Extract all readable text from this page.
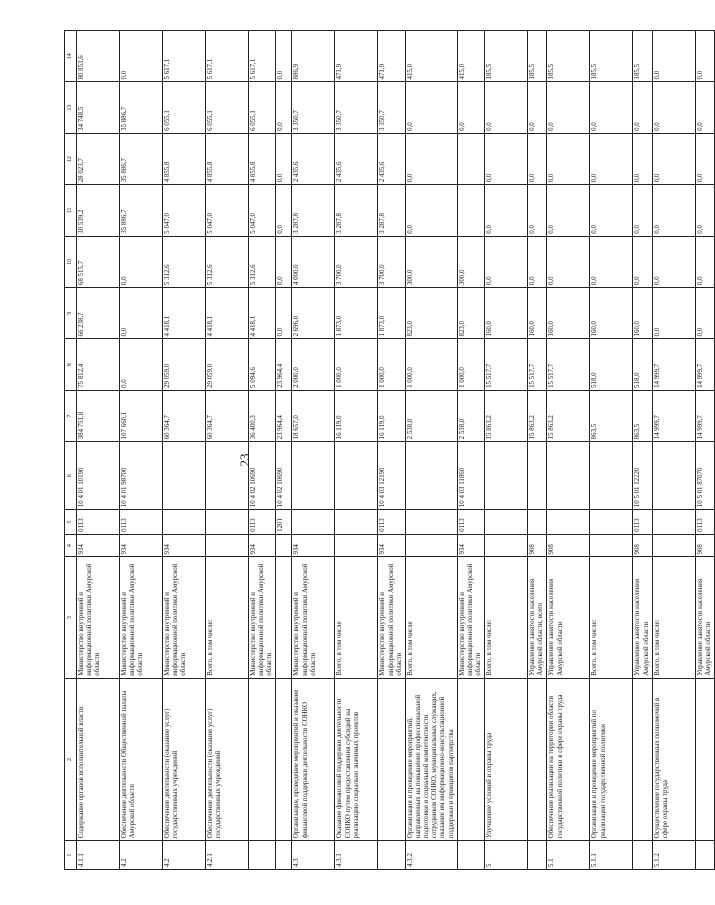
23
1	2	3	4	5	6	7	8	9	10	11	12	13	14
4.1.1	Содержание органов исполнительной власти	Министерство внутренней и информационной политики Амурской области	934	0113	10 4 01 10190	384 751,8	75 812,4	66 238,7	68 515,7	30 539,2	28 023,7	34 748,5	80 853,6
4.2	Обеспечение деятельности Общественной палаты Амурской области	Министерство внутренней и информационной политики Амурской области	934	0113	10 4 01 98700	107 660,1	0,0	0,0	0,0	35 886,7	35 886,7	35 886,7	0,0
4.2	Обеспечение деятельности (оказание услуг) государственных учреждений	Министерство внутренней и информационной политики Амурской области	934			60 364,7	29 059,0	4 418,1	5 312,6	5 047,0	4 855,8	6 055,1	5 617,1
4.2.1	Обеспечение деятельности (оказание услуг) государственных учреждений	Всего, в том числе:				60 364,7	29 059,0	4 418,1	5 312,6	5 047,0	4 855,8	6 055,1	5 617,1
		Министерство внутренней и информационной политики Амурской области	934	0113	10 4 02 10690	36 400,3	5 094,6	4 418,1	5 312,6	5 047,0	4 855,8	6 055,1	5 617,1
				1201	10 4 02 10690	23 964,4	23 964,4	0,0	0,0	0,0	0,0	0,0	0,0
4.3	Организация, проведение мероприятий и оказание финансовой поддержки деятельности СОНКО	Министерство внутренней и информационной политики Амурской области	934			18 657,0	2 000,0	2 696,0	4 000,0	3 287,8	2 435,6	3 350,7	886,9
4.3.1	Оказание финансовой поддержки деятельности СОНКО путем предоставления субсидий на реализацию социально значимых проектов	Всего, в том числе				16 119,0	1 000,0	1 873,0	3 700,0	3 287,8	2 435,6	3 350,7	471,9
		Министерство внутренней и информационной политики Амурской области	934	0113	10 4 03 12190	16 119,0	1 000,0	1 873,0	3 700,0	3 287,8	2 435,6	3 350,7	471,9
4.3.2	Организация и проведение мероприятий, направленных на повышение профессиональной подготовки и социальной компетентности сотрудников СОНКО, муниципальных служащих, оказание им информационно-консультационной поддержки и принципов партнерства	Всего, в том числе				2 538,0	1 000,0	823,0	300,0	0,0	0,0	0,0	415,0
		Министерство внутренней и информационной политики Амурской области	934	0113	10 4 03 11860	2 538,0	1 000,0	823,0	300,0			0,0	415,0
5	Улучшение условий и охраны труда	Всего, в том числе:				15 863,2	15 517,7	160,0	0,0	0,0	0,0	0,0	185,5
		Управление занятости населения Амурской области, всего	908			15 863,2	15 517,7	160,0	0,0	0,0	0,0	0,0	185,5
5.1	Обеспечение реализации на территории области государственной политики в сфере охраны труда	Управление занятости населения Амурской области	908			15 863,2	15 517,7	160,0	0,0	0,0	0,0	0,0	185,5
5.1.1	Организация и проведение мероприятий по реализации государственной политики	Всего, в том числе:				863,5	518,0	160,0	0,0	0,0	0,0	0,0	185,5
		Управление занятости населения Амурской области	908	0113	10 5 01 12220	863,5	518,0	160,0	0,0	0,0	0,0	0,0	185,5
5.1.2	Осуществление государственных полномочий в сфере охраны труда	Всего, в том числе:				14 999,7	14 999,7	0,0	0,0	0,0	0,0	0,0	0,0
		Управление занятости населения Амурской области	908	0113	10 5 01 87070	14 999,7	14 999,7	0,0	0,0	0,0	0,0	0,0	0,0
